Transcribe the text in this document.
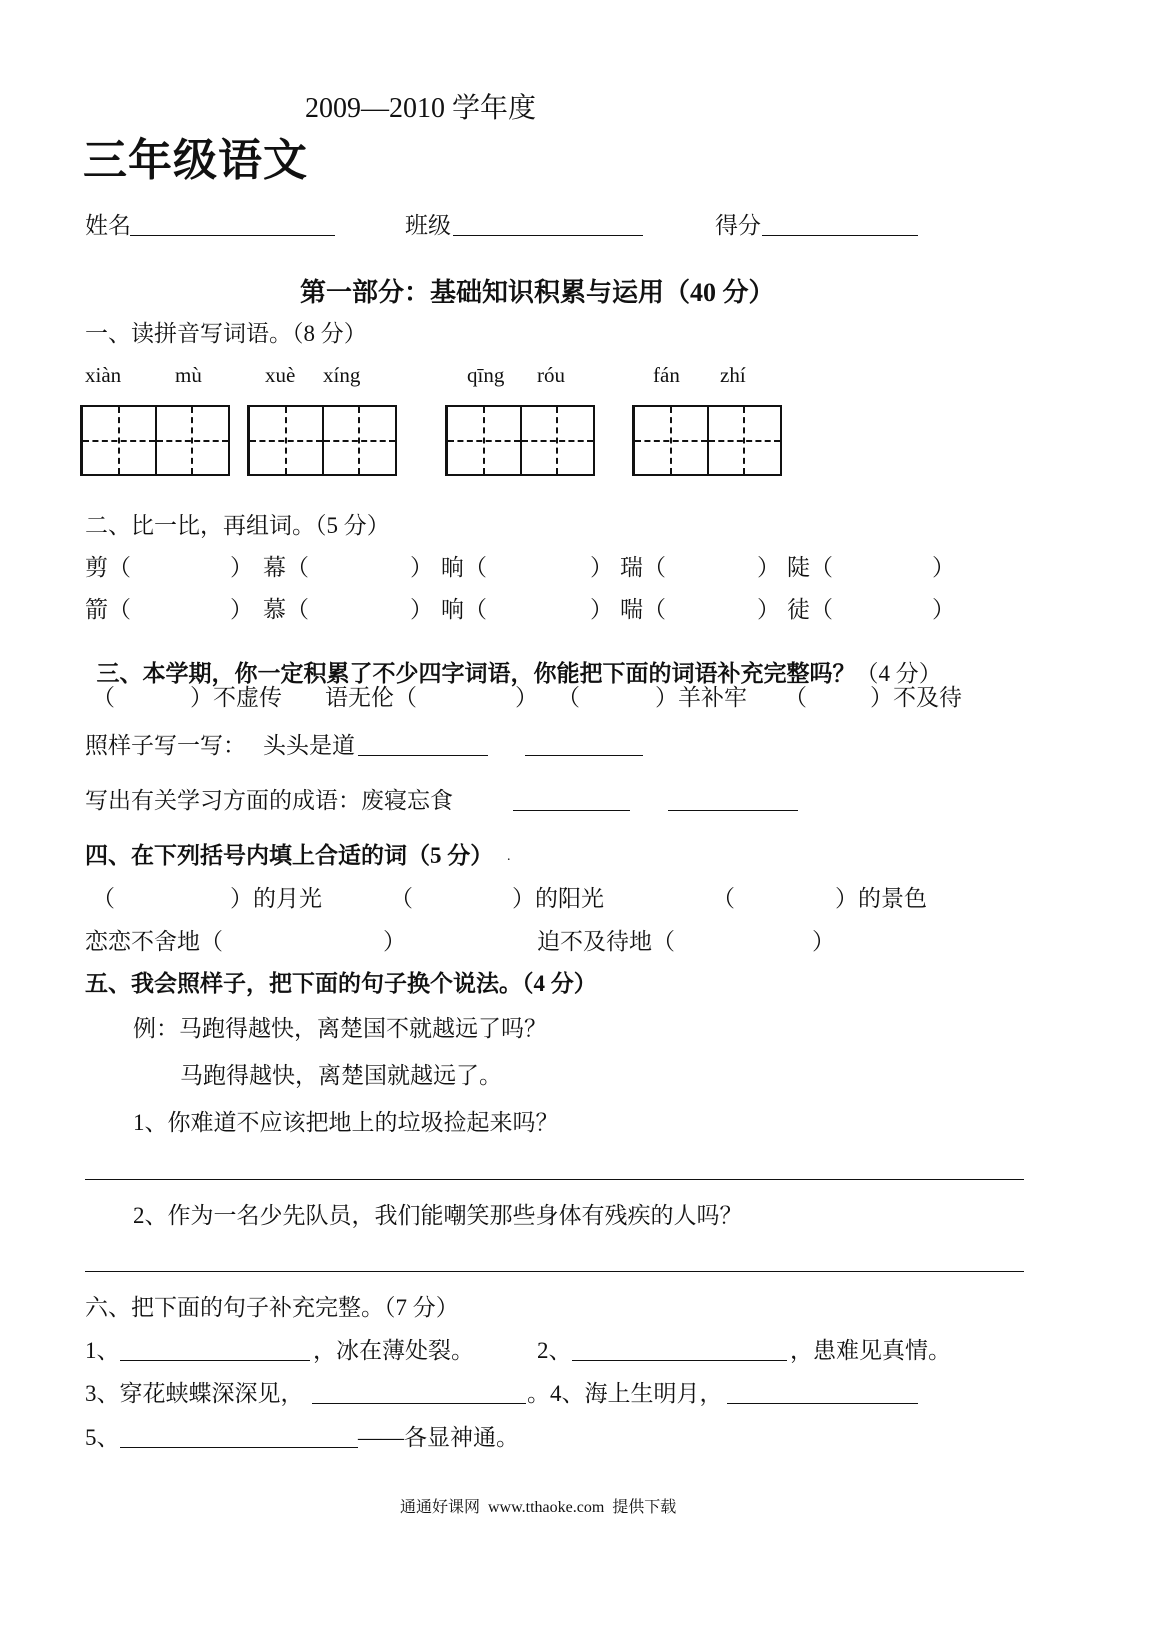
2009—2010 学年度
三年级语文
姓名	班级	得分
第一部分：基础知识积累与运用（40 分）
一、读拼音写词语。（8 分）
xiàn	mù	xuè xíng	qīng róu	fán zhí
二、比一比，再组词。（5 分）
剪（	） 幕（	） 晌（	） 瑞（	） 陡（	）
箭（	） 慕（	） 响（	） 喘（	） 徒（	）

三、本学期，你一定积累了不少四字词语，你能把下面的词语补充完整吗？（4 分）

（	）不虚传 语无伦（	） （	）羊补牢 （	）不及待
照样子写一写： 头头是道
写出有关学习方面的成语：废寝忘食
四、在下列括号内填上合适的词（5 分） .
（	）的月光	（	）的阳光	（	）的景色
恋恋不舍地（	）	迫不及待地（	）
五、我会照样子，把下面的句子换个说法。（4 分）
例：马跑得越快，离楚国不就越远了吗？
马跑得越快，离楚国就越远了。
1、你难道不应该把地上的垃圾捡起来吗？
2、作为一名少先队员，我们能嘲笑那些身体有残疾的人吗？
六、把下面的句子补充完整。（7 分）
1、	，冰在薄处裂。	2、	，患难见真情。
3、穿花蛱蝶深深见，	。4、海上生明月，
5、	——各显神通。
通通好课网  www.tthaoke.com  提供下载
